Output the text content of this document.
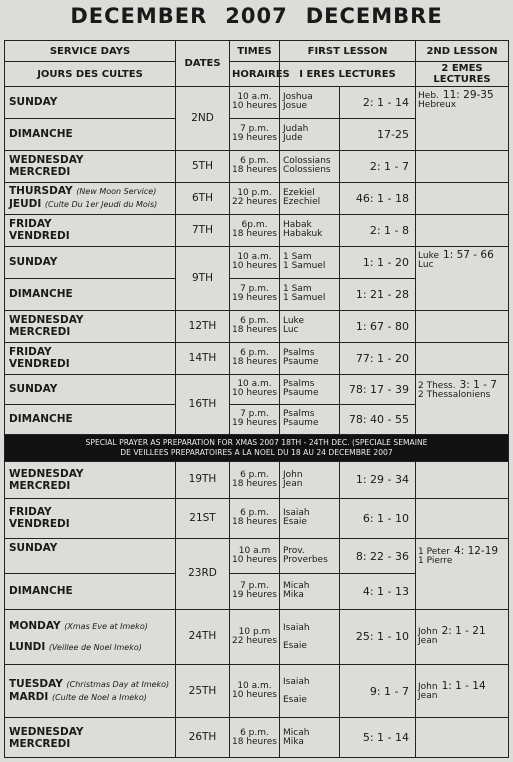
DECEMBER 2007 DECEMBRE
SERVICE DAYS	DATES	TIMES	FIRST LESSON		2ND LESSON
JOURS DES CULTES		HORAIRES	I ERES LECTURES		2 EMES LECTURES
SUNDAY	2ND	10 a.m.
10 heures	Joshua
Josue	2: 1 - 14	Heb. 11: 29-35
Hebreux
DIMANCHE		7 p.m.
19 heures	Judah
Jude	17-25	
WEDNESDAY
MERCREDI	5TH	6 p.m.
18 heures	Colossians
Colossiens	2: 1 - 7	
THURSDAY (New Moon Service)
JEUDI (Culte Du 1er Jeudi du Mois)	6TH	10 p.m.
22 heures	Ezekiel
Ezechiel	46: 1 - 18	
FRIDAY
VENDREDI	7TH	6p.m.
18 heures	Habak
Habakuk	2: 1 - 8	
SUNDAY	9TH	10 a.m.
10 heures	1 Sam
1 Samuel	1: 1 - 20	Luke 1: 57 - 66
Luc
DIMANCHE		7 p.m.
19 heures	1 Sam
1 Samuel	1: 21 - 28	
WEDNESDAY
MERCREDI	12TH	6 p.m.
18 heures	Luke
Luc	1: 67 - 80	
FRIDAY
VENDREDI	14TH	6 p.m.
18 heures	Psalms
Psaume	77: 1 - 20	
SUNDAY	16TH	10 a.m.
10 heures	Psalms
Psaume	78: 17 - 39	2 Thess. 3: 1 - 7
2 Thessaloniens
DIMANCHE		7 p.m.
19 heures	Psalms
Psaume	78: 40 - 55	
SPECIAL PRAYER AS PREPARATION FOR XMAS 2007 18TH - 24TH DEC. (SPECIALE SEMAINE
DE VEILLEES PREPARATOIRES A LA NOEL DU 18 AU 24 DECEMBRE 2007					
WEDNESDAY
MERCREDI	19TH	6 p.m.
18 heures	John
Jean	1: 29 - 34	
FRIDAY
VENDREDI	21ST	6 p.m.
18 heures	Isaiah
Esaie	6: 1 - 10	
SUNDAY	23RD	10 a.m
10 heures	Prov.
Proverbes	8: 22 - 36	1 Peter 4: 12-19
1 Pierre
DIMANCHE		7 p.m.
19 heures	Micah
Mika	4: 1 - 13	
MONDAY (Xmas Eve at Imeko)
LUNDI (Veillee de Noel Imeko)	24TH	10 p.m
22 heures	Isaiah
Esaie	25: 1 - 10	John 2: 1 - 21
Jean
TUESDAY (Christmas Day at Imeko)
MARDI (Culte de Noel a Imeko)	25TH	10 a.m.
10 heures	Isaiah
Esaie	9: 1 - 7	John 1: 1 - 14
Jean
WEDNESDAY
MERCREDI	26TH	6 p.m.
18 heures	Micah
Mika	5: 1 - 14	
